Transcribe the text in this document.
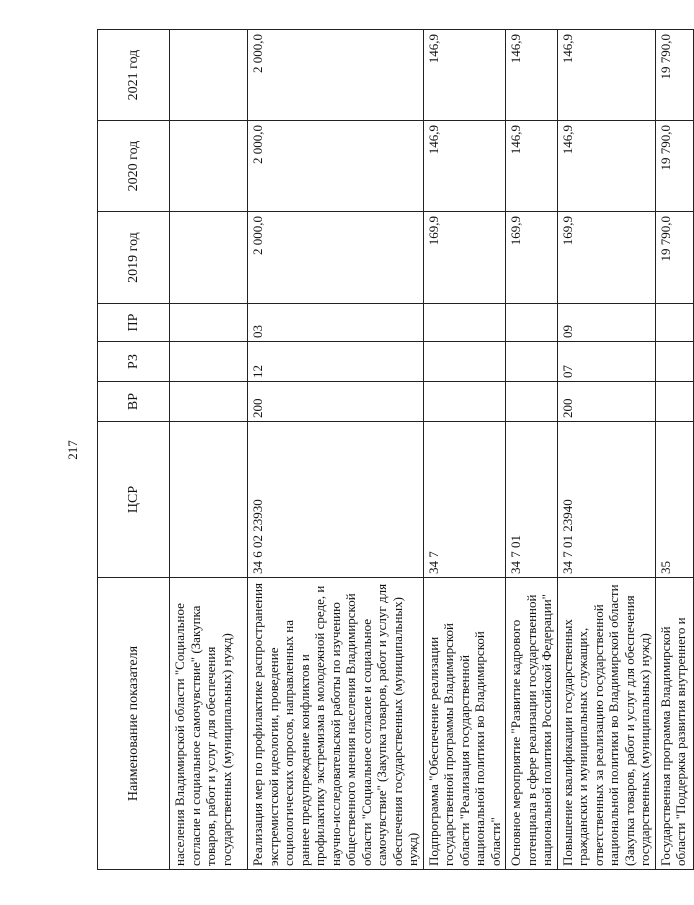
217
Наименование показателя	ЦСР	ВР	РЗ	ПР	2019 год	2020 год	2021 год
населения Владимирской области "Социальное согласие и социальное самочувствие" (Закупка товаров, работ и услуг для обеспечения государственных (муниципальных) нужд)							
Реализация мер по профилактике распространения экстремистской идеологии, проведение социологических опросов, направленных на раннее предупреждение конфликтов и профилактику экстремизма в молодежной среде, и научно-исследовательской работы по изучению общественного мнения населения Владимирской области "Социальное согласие и социальное самочувствие" (Закупка товаров, работ и услуг для обеспечения государственных (муниципальных) нужд)	34 6 02 23930	200	12	03	2 000,0	2 000,0	2 000,0
Подпрограмма "Обеспечение реализации государственной программы Владимирской области "Реализация государственной национальной политики во Владимирской области"	34 7				169,9	146,9	146,9
Основное мероприятие "Развитие кадрового потенциала в сфере реализации государственной национальной политики Российской Федерации"	34 7 01				169,9	146,9	146,9
Повышение квалификации государственных гражданских и муниципальных служащих, ответственных за реализацию государственной национальной политики во Владимирской области (Закупка товаров, работ и услуг для обеспечения государственных (муниципальных) нужд)	34 7 01 23940	200	07	09	169,9	146,9	146,9
Государственная программа Владимирской области "Поддержка развития внутреннего и	35				19 790,0	19 790,0	19 790,0
